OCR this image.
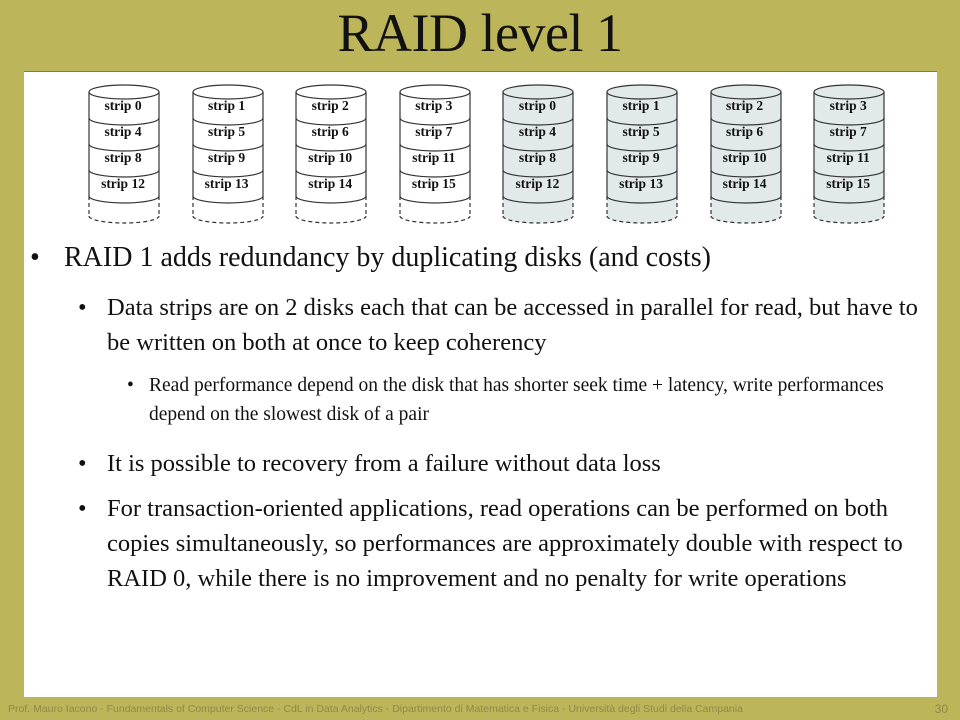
RAID level 1
strip 0
strip 4
strip 8
strip 12
strip 1
strip 5
strip 9
strip 13
strip 2
strip 6
strip 10
strip 14
strip 3
strip 7
strip 11
strip 15
strip 0
strip 4
strip 8
strip 12
strip 1
strip 5
strip 9
strip 13
strip 2
strip 6
strip 10
strip 14
strip 3
strip 7
strip 11
strip 15
• RAID 1 adds redundancy by duplicating disks (and costs)
• Data strips are on 2 disks each that can be accessed in parallel for read, but have to be written on both at once to keep coherency
• Read performance depend on the disk that has shorter seek time + latency, write performances depend on the slowest disk of a pair
• It is possible to recovery from a failure without data loss
• For transaction-oriented applications, read operations can be performed on both copies simultaneously, so performances are approximately double with respect to RAID 0, while there is no improvement and no penalty for write operations
Prof. Mauro Iacono - Fundamentals of Computer Science - CdL in Data Analytics - Dipartimento di Matematica e Fisica - Università degli Studi della Campania	30
